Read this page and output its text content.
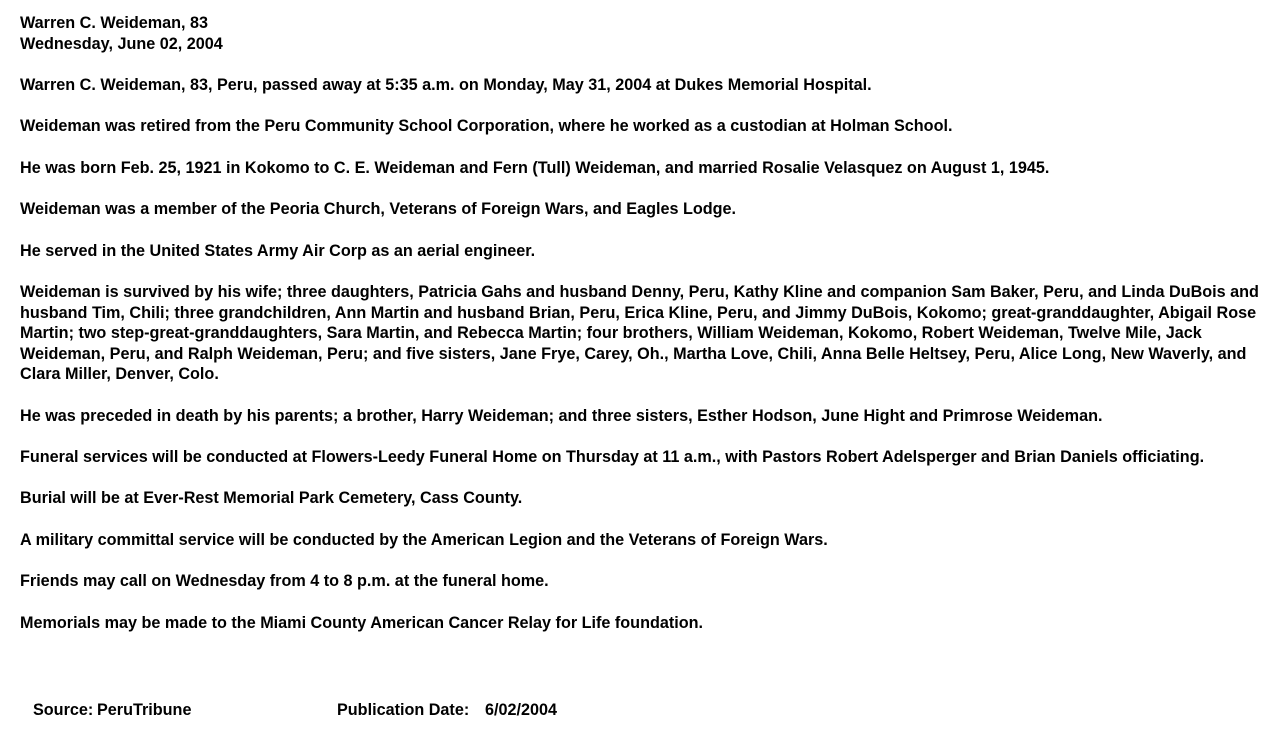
Warren C. Weideman, 83
Wednesday, June 02, 2004

Warren C. Weideman, 83, Peru, passed away at 5:35 a.m. on Monday, May 31, 2004 at Dukes Memorial Hospital.

Weideman was retired from the Peru Community School Corporation, where he worked as a custodian at Holman School.

He was born Feb. 25, 1921 in Kokomo to C. E. Weideman and Fern (Tull) Weideman, and married Rosalie Velasquez on August 1, 1945.

Weideman was a member of the Peoria Church, Veterans of Foreign Wars, and Eagles Lodge.

He served in the United States Army Air Corp as an aerial engineer.

Weideman is survived by his wife; three daughters, Patricia Gahs and husband Denny, Peru, Kathy Kline and companion Sam Baker, Peru, and Linda DuBois and husband Tim, Chili; three grandchildren, Ann Martin and husband Brian, Peru, Erica Kline, Peru, and Jimmy DuBois, Kokomo; great-granddaughter, Abigail Rose Martin; two step-great-granddaughters, Sara Martin, and Rebecca Martin; four brothers, William Weideman, Kokomo, Robert Weideman, Twelve Mile, Jack Weideman, Peru, and Ralph Weideman, Peru; and five sisters, Jane Frye, Carey, Oh., Martha Love, Chili, Anna Belle Heltsey, Peru, Alice Long, New Waverly, and Clara Miller, Denver, Colo.

He was preceded in death by his parents; a brother, Harry Weideman; and three sisters, Esther Hodson, June Hight and Primrose Weideman.

Funeral services will be conducted at Flowers-Leedy Funeral Home on Thursday at 11 a.m., with Pastors Robert Adelsperger and Brian Daniels officiating.

Burial will be at Ever-Rest Memorial Park Cemetery, Cass County.

A military committal service will be conducted by the American Legion and the Veterans of Foreign Wars.

Friends may call on Wednesday from 4 to 8 p.m. at the funeral home.

Memorials may be made to the Miami County American Cancer Relay for Life foundation.

Source: PeruTribune	Publication Date: 6/02/2004
